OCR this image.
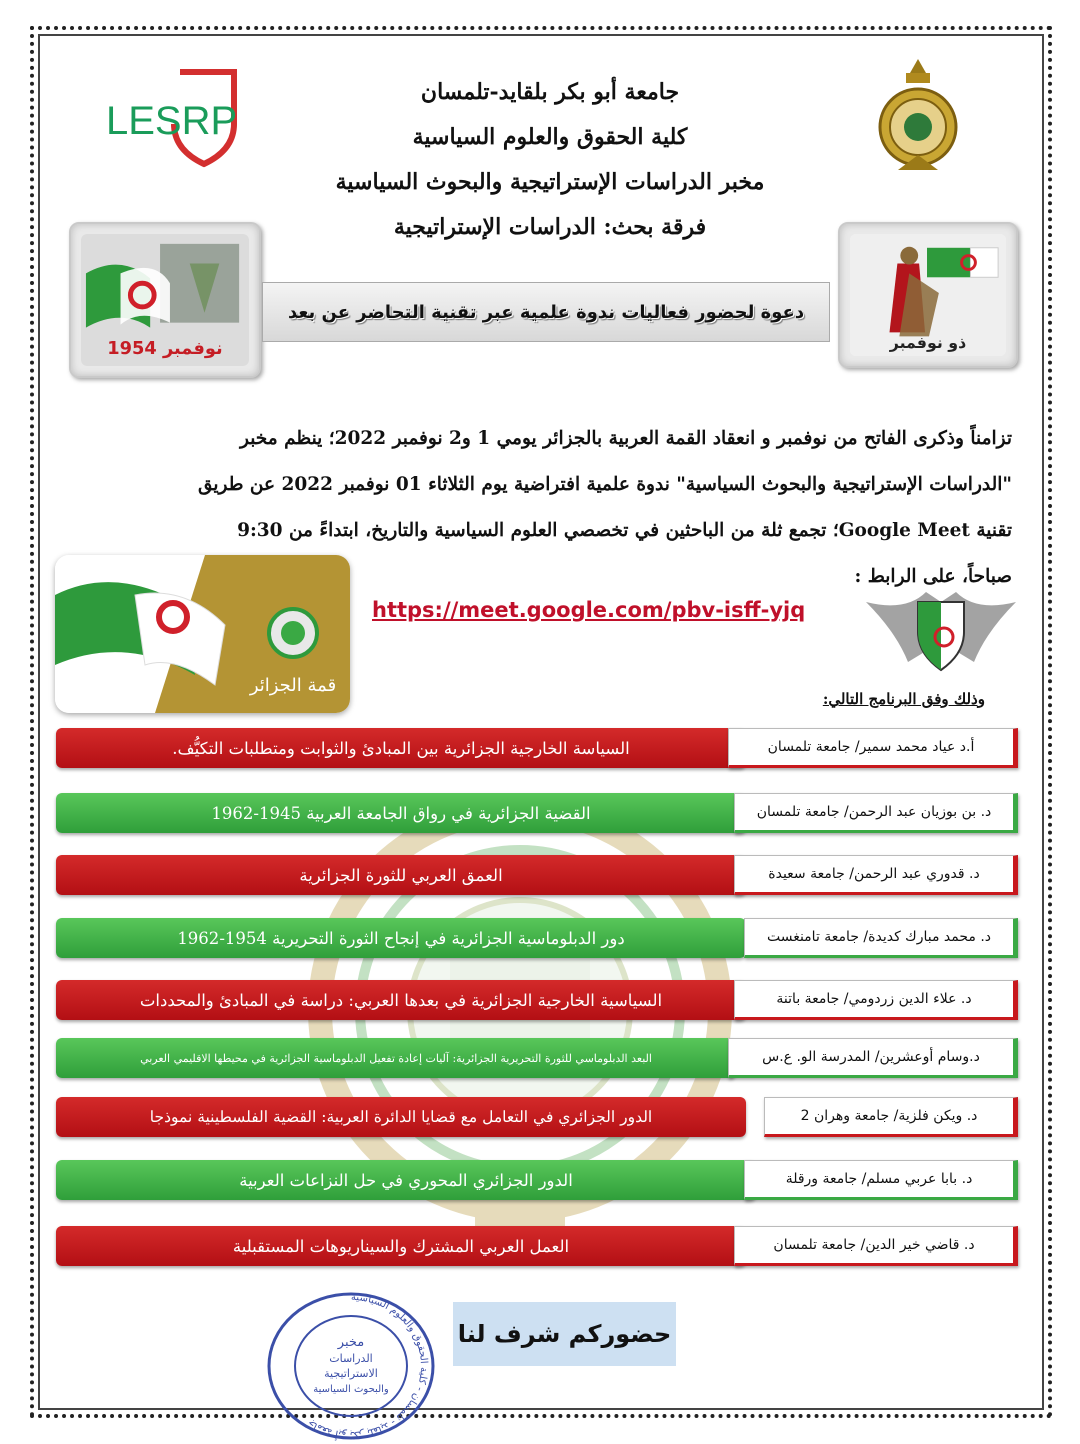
جامعة أبو بكر بلقايد-تلمسان
كلية الحقوق والعلوم السياسية
مخبر الدراسات الإستراتيجية والبحوث السياسية
فرقة بحث: الدراسات الإستراتيجية
LESRP
نوفمبر 1954	ذو نوفمبر
دعوة لحضور فعاليات ندوة علمية عبر تقنية التحاضر عن بعد
تزامناً وذكرى الفاتح من نوفمبر و انعقاد القمة العربية بالجزائر يومي 1 و2 نوفمبر 2022؛ ينظم مخبر
"الدراسات الإستراتيجية والبحوث السياسية" ندوة علمية افتراضية يوم الثلاثاء 01 نوفمبر 2022 عن طريق
تقنية Google Meet؛ تجمع ثلة من الباحثين في تخصصي العلوم السياسية والتاريخ، ابتداءً من 9:30
صباحاً، على الرابط :
قمة الجزائر
https://meet.google.com/pbv-isff-yjq
وذلك وفق البرنامج التالي:
السياسة الخارجية الجزائرية بين المبادئ والثوابت ومتطلبات التكيُّف.	أ.د عياد محمد سمير/ جامعة تلمسان
القضية الجزائرية في رواق الجامعة العربية 1945-1962	د. بن بوزيان عبد الرحمن/ جامعة تلمسان
العمق العربي للثورة الجزائرية	د. قدوري عبد الرحمن/ جامعة سعيدة
دور الدبلوماسية الجزائرية في إنجاح الثورة التحريرية 1954-1962	د. محمد مبارك كديدة/ جامعة تامنغست
السياسية الخارجية الجزائرية في بعدها العربي: دراسة في المبادئ والمحددات	د. علاء الدين زردومي/ جامعة باتنة
البعد الدبلوماسي للثورة التحريرية الجزائرية: آليات إعادة تفعيل الدبلوماسية الجزائرية في محيطها الاقليمي العربي	د.وسام أوعشرين/ المدرسة الو. ع.س
الدور الجزائري في التعامل مع قضايا الدائرة العربية: القضية الفلسطينية نموذجا	د. ويكن فلزية/ جامعة وهران 2
الدور الجزائري المحوري في حل النزاعات العربية	د. بابا عربي مسلم/ جامعة ورقلة
العمل العربي المشترك والسيناريوهات المستقبلية	د. قاضي خير الدين/ جامعة تلمسان
حضوركم شرف لنا
جامعة أبو بكر بلقايد - تلمسان - كلية الحقوق والعلوم السياسية
مخبر
الدراسات
الاستراتيجية
والبحوث السياسية
